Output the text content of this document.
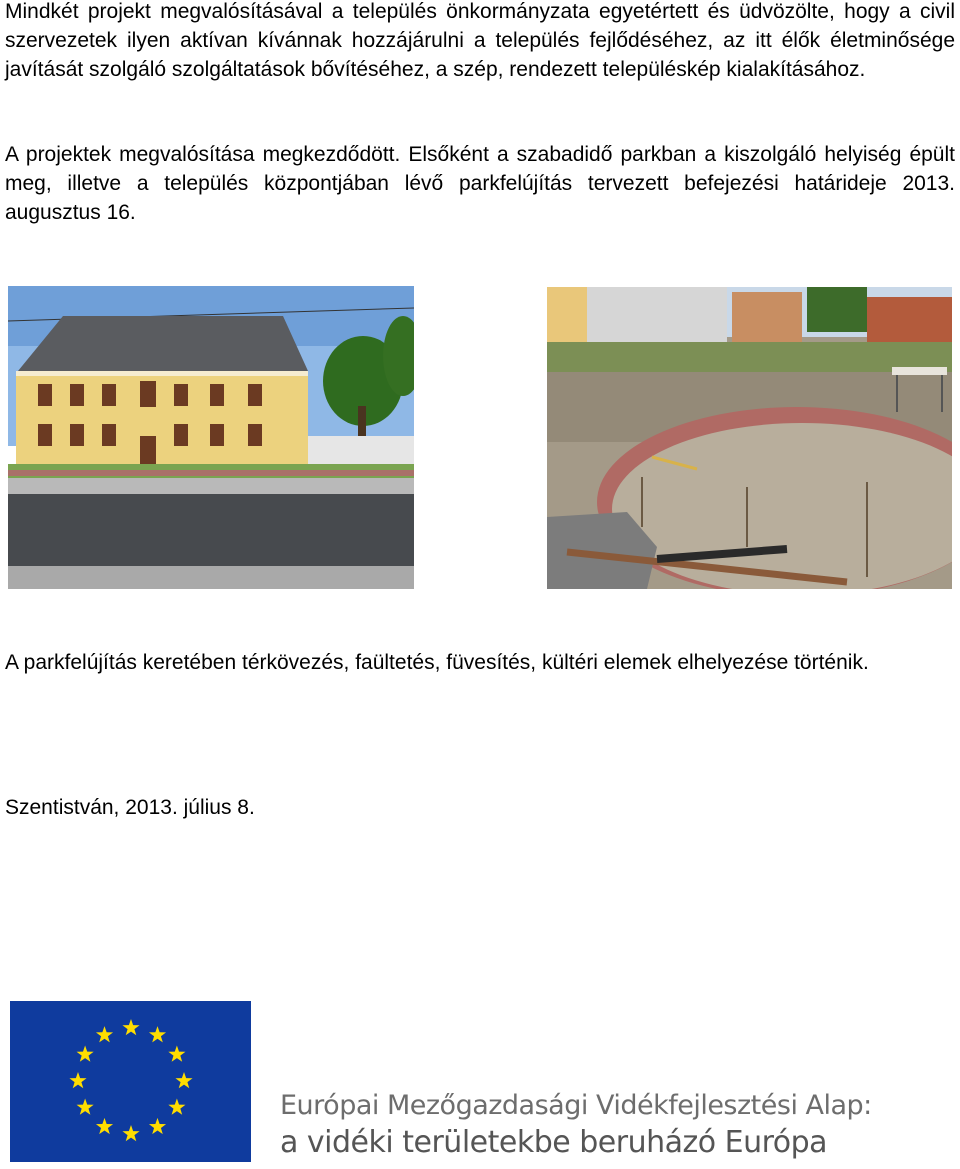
Mindkét projekt megvalósításával a település önkormányzata egyetértett és üdvözölte, hogy a civil szervezetek ilyen aktívan kívánnak hozzájárulni a település fejlődéséhez, az itt élők életminősége javítását szolgáló szolgáltatások bővítéséhez, a szép, rendezett településkép kialakításához.

A projektek megvalósítása megkezdődött. Elsőként a szabadidő parkban a kiszolgáló helyiség épült meg, illetve a település központjában lévő parkfelújítás tervezett befejezési határideje 2013. augusztus 16.

A parkfelújítás keretében térkövezés, faültetés, füvesítés, kültéri elemek elhelyezése történik.

Szentistván, 2013. július 8.

Európai Mezőgazdasági Vidékfejlesztési Alap:

a vidéki területekbe beruházó Európa
